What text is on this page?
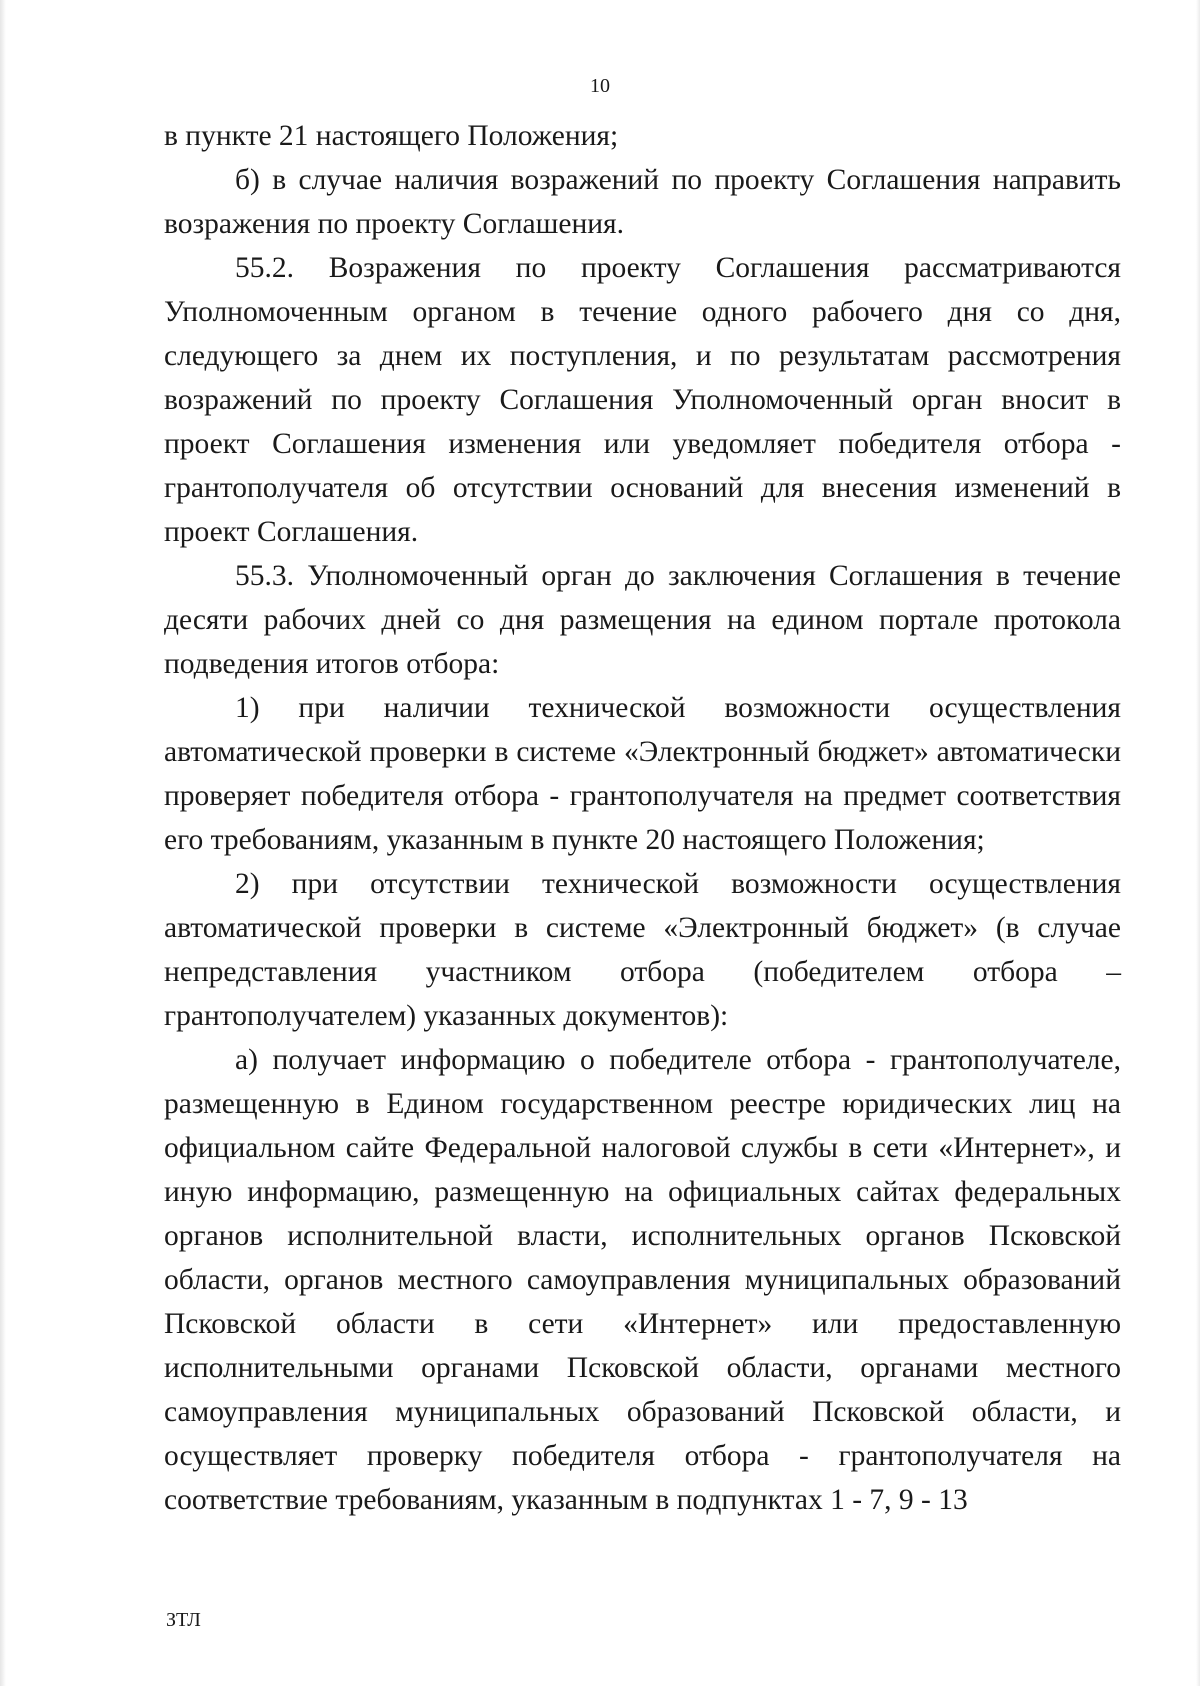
10

в пункте 21 настоящего Положения;

б) в случае наличия возражений по проекту Соглашения направить возражения по проекту Соглашения.

55.2. Возражения по проекту Соглашения рассматриваются Уполномоченным органом в течение одного рабочего дня со дня, следующего за днем их поступления, и по результатам рассмотрения возражений по проекту Соглашения Уполномоченный орган вносит в проект Соглашения изменения или уведомляет победителя отбора - грантополучателя об отсутствии оснований для внесения изменений в проект Соглашения.

55.3. Уполномоченный орган до заключения Соглашения в течение десяти рабочих дней со дня размещения на едином портале протокола подведения итогов отбора:

1) при наличии технической возможности осуществления автоматической проверки в системе «Электронный бюджет» автоматически проверяет победителя отбора - грантополучателя на предмет соответствия его требованиям, указанным в пункте 20 настоящего Положения;

2) при отсутствии технической возможности осуществления автоматической проверки в системе «Электронный бюджет» (в случае непредставления участником отбора (победителем отбора – грантополучателем) указанных документов):

а) получает информацию о победителе отбора - грантополучателе, размещенную в Едином государственном реестре юридических лиц на официальном сайте Федеральной налоговой службы в сети «Интернет», и иную информацию, размещенную на официальных сайтах федеральных органов исполнительной власти, исполнительных органов Псковской области, органов местного самоуправления муниципальных образований Псковской области в сети «Интернет» или предоставленную исполнительными органами Псковской области, органами местного самоуправления муниципальных образований Псковской области, и осуществляет проверку победителя отбора - грантополучателя на соответствие требованиям, указанным в подпунктах 1 - 7, 9 - 13

ЗТЛ
